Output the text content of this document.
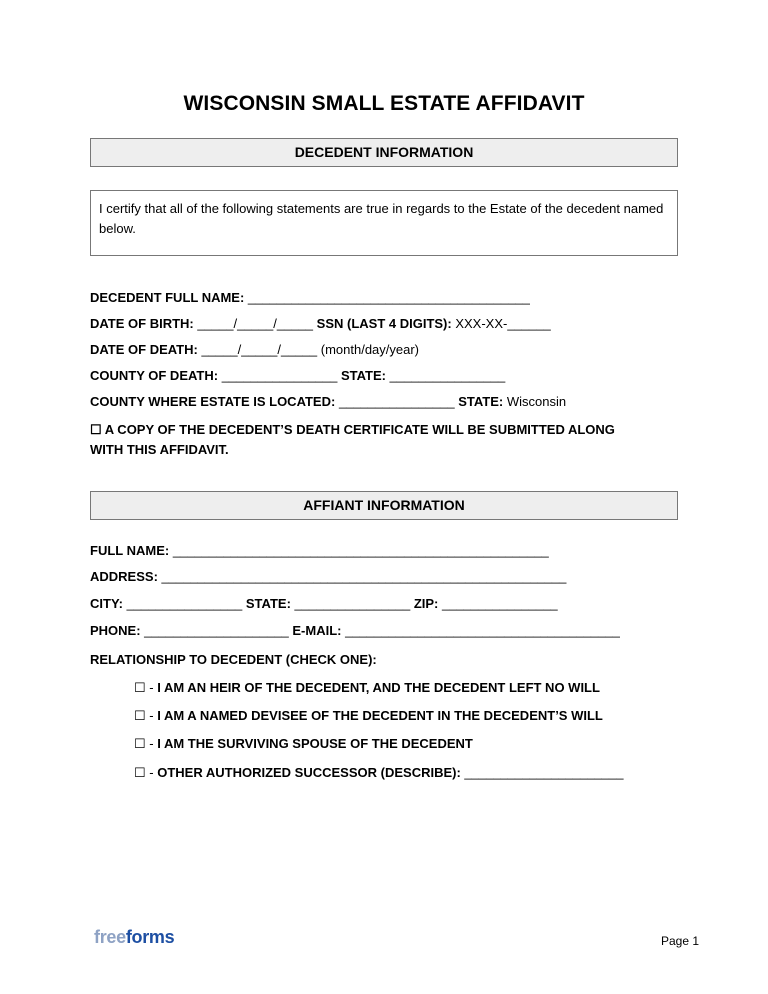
WISCONSIN SMALL ESTATE AFFIDAVIT
DECEDENT INFORMATION
I certify that all of the following statements are true in regards to the Estate of the decedent named below.
DECEDENT FULL NAME: _______________________________________
DATE OF BIRTH: _____/_____/_____ SSN (LAST 4 DIGITS): XXX-XX-______
DATE OF DEATH: _____/_____/_____ (month/day/year)
COUNTY OF DEATH: ________________ STATE: ________________
COUNTY WHERE ESTATE IS LOCATED: ________________ STATE: Wisconsin
☐ A COPY OF THE DECEDENT’S DEATH CERTIFICATE WILL BE SUBMITTED ALONG
WITH THIS AFFIDAVIT.
AFFIANT INFORMATION
FULL NAME: ____________________________________________________
ADDRESS: ________________________________________________________
CITY: ________________ STATE: ________________ ZIP: ________________
PHONE: ____________________ E-MAIL: ______________________________________
RELATIONSHIP TO DECEDENT (CHECK ONE):
☐ - I AM AN HEIR OF THE DECEDENT, AND THE DECEDENT LEFT NO WILL
☐ - I AM A NAMED DEVISEE OF THE DECEDENT IN THE DECEDENT’S WILL
☐ - I AM THE SURVIVING SPOUSE OF THE DECEDENT
☐ - OTHER AUTHORIZED SUCCESSOR (DESCRIBE): ______________________
freeforms	Page 1
